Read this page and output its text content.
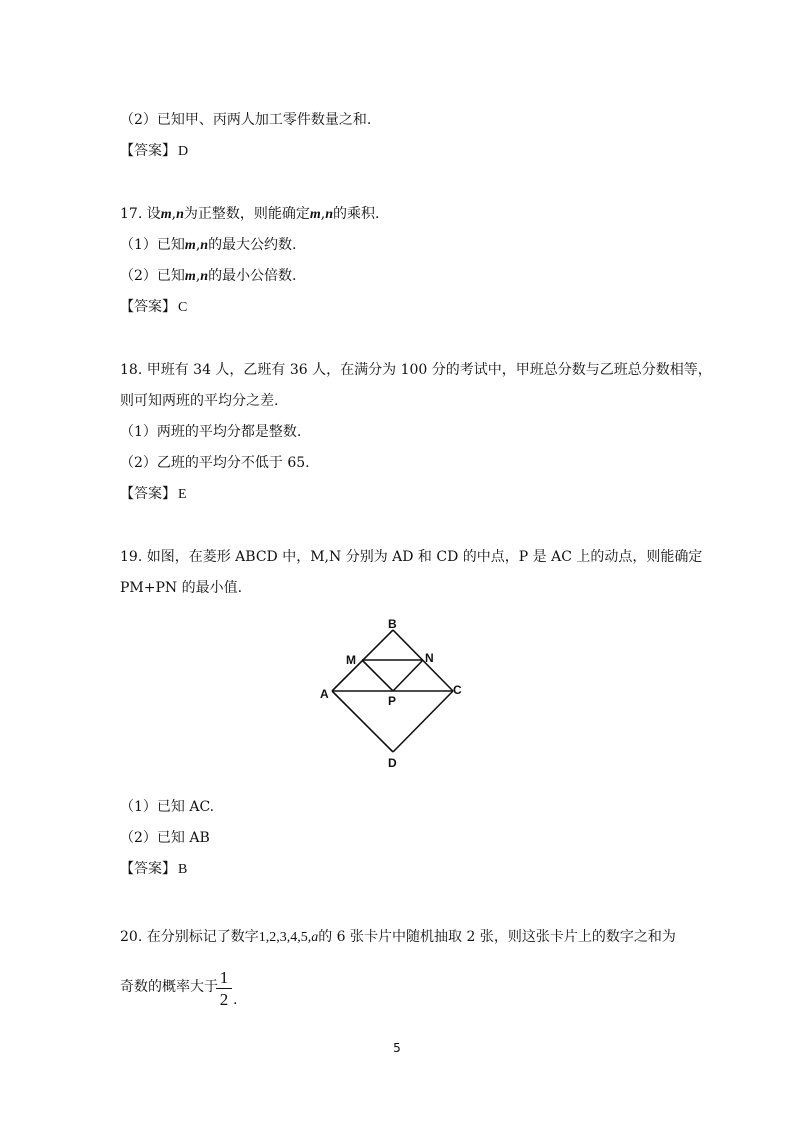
（2）已知甲、丙两人加工零件数量之和.
【答案】 D
17. 设m,n为正整数，则能确定m,n的乘积.
（1）已知m,n的最大公约数.
（2）已知m,n的最小公倍数.
【答案】 C
18. 甲班有 34 人，乙班有 36 人，在满分为 100 分的考试中，甲班总分数与乙班总分数相等，
则可知两班的平均分之差.
（1）两班的平均分都是整数.
（2）乙班的平均分不低于 65.
【答案】 E
19. 如图，在菱形 ABCD 中，M,N 分别为 AD 和 CD 的中点，P 是 AC 上的动点，则能确定
PM+PN 的最小值.
B
M	N
A	P
C
D
（1）已知 AC.
（2）已知 AB
【答案】 B
20. 在分别标记了数字1,2,3,4,5,a的 6 张卡片中随机抽取 2 张，则这张卡片上的数字之和为
奇数的概率大于 1
2 .
5
